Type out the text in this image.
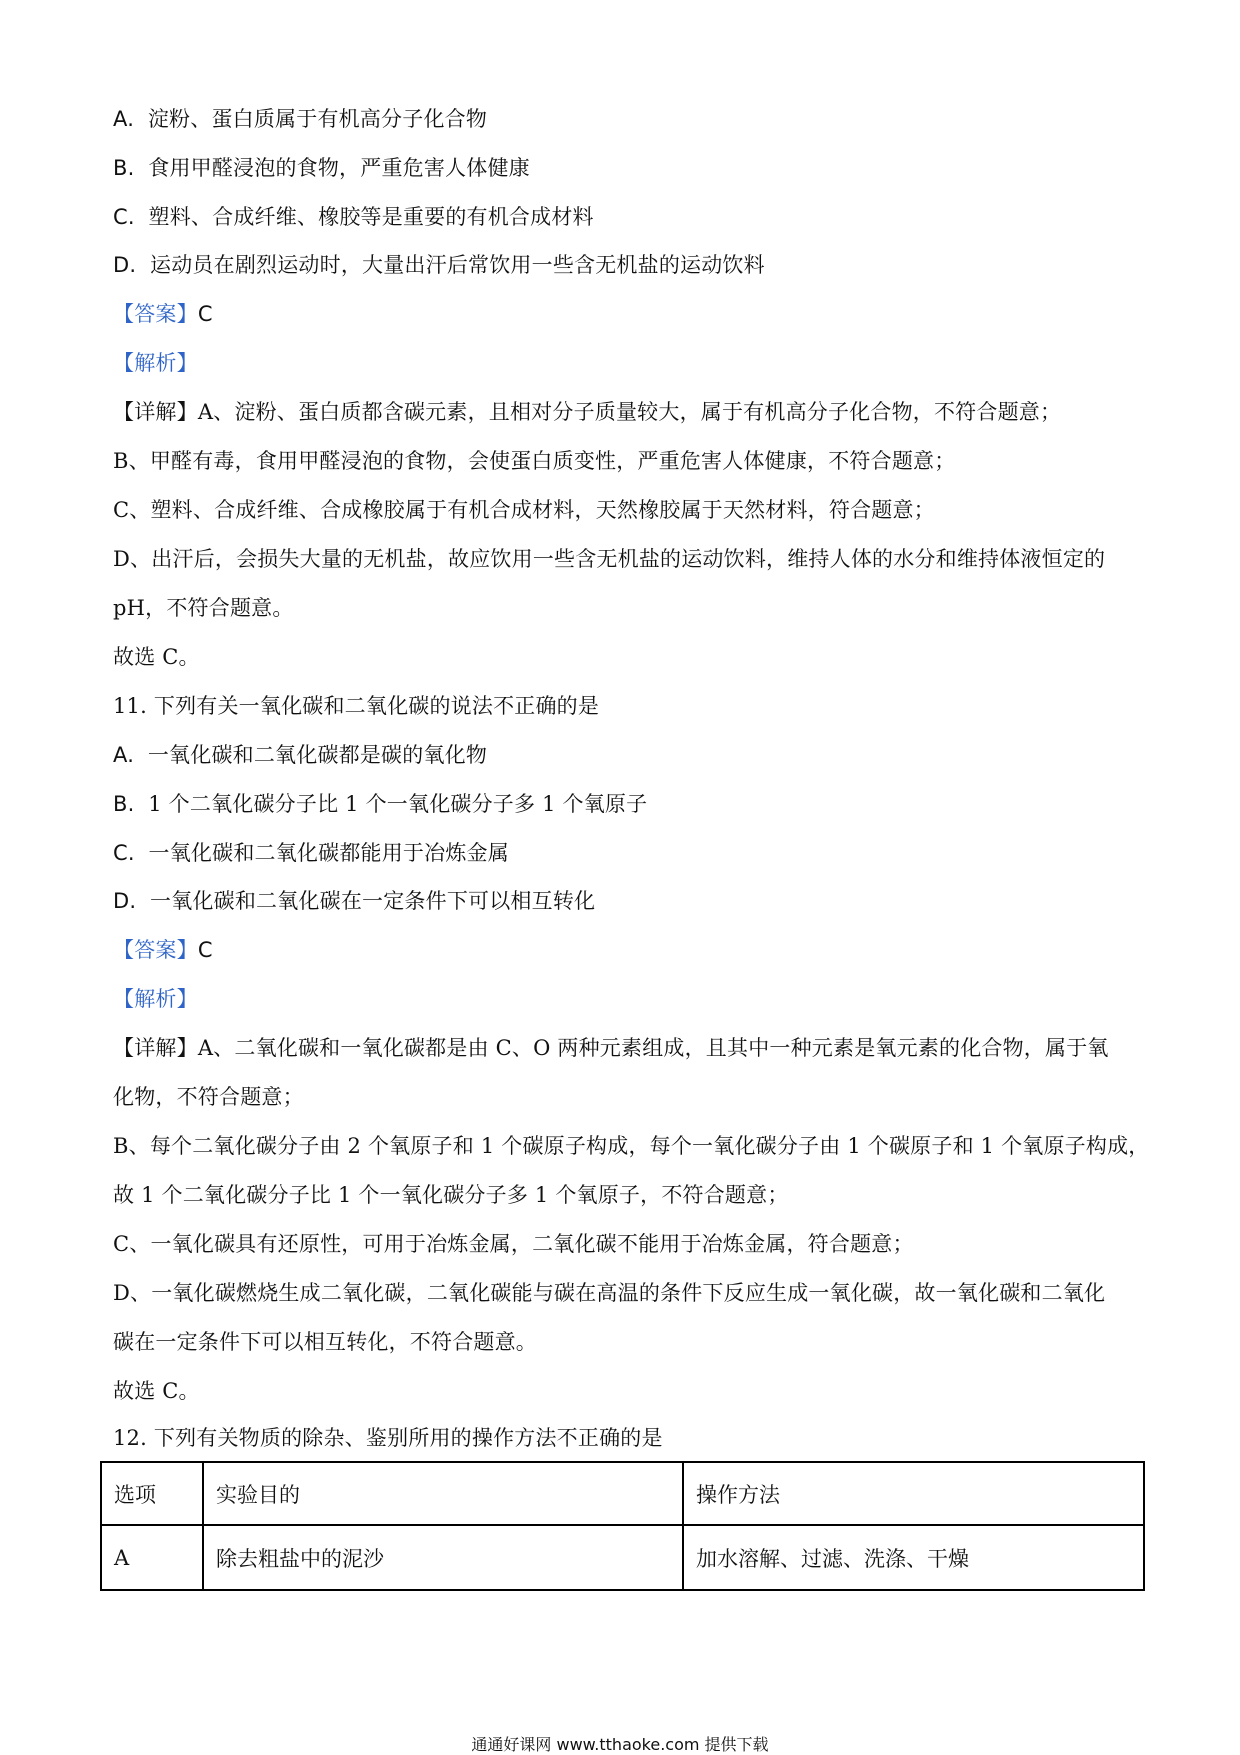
A. 淀粉、蛋白质属于有机高分子化合物

B. 食用甲醛浸泡的食物，严重危害人体健康

C. 塑料、合成纤维、橡胶等是重要的有机合成材料

D. 运动员在剧烈运动时，大量出汗后常饮用一些含无机盐的运动饮料

【答案】C

【解析】

【详解】A、淀粉、蛋白质都含碳元素，且相对分子质量较大，属于有机高分子化合物，不符合题意；

B、甲醛有毒，食用甲醛浸泡的食物，会使蛋白质变性，严重危害人体健康，不符合题意；

C、塑料、合成纤维、合成橡胶属于有机合成材料，天然橡胶属于天然材料，符合题意；

D、出汗后，会损失大量的无机盐，故应饮用一些含无机盐的运动饮料，维持人体的水分和维持体液恒定的

pH，不符合题意。

故选 C。

11. 下列有关一氧化碳和二氧化碳的说法不正确的是

A. 一氧化碳和二氧化碳都是碳的氧化物

B. 1 个二氧化碳分子比 1 个一氧化碳分子多 1 个氧原子

C. 一氧化碳和二氧化碳都能用于冶炼金属

D. 一氧化碳和二氧化碳在一定条件下可以相互转化

【答案】C

【解析】

【详解】A、二氧化碳和一氧化碳都是由 C、O 两种元素组成，且其中一种元素是氧元素的化合物，属于氧

化物，不符合题意；

B、每个二氧化碳分子由 2 个氧原子和 1 个碳原子构成，每个一氧化碳分子由 1 个碳原子和 1 个氧原子构成，

故 1 个二氧化碳分子比 1 个一氧化碳分子多 1 个氧原子，不符合题意；

C、一氧化碳具有还原性，可用于冶炼金属，二氧化碳不能用于冶炼金属，符合题意；

D、一氧化碳燃烧生成二氧化碳，二氧化碳能与碳在高温的条件下反应生成一氧化碳，故一氧化碳和二氧化

碳在一定条件下可以相互转化，不符合题意。

故选 C。

12. 下列有关物质的除杂、鉴别所用的操作方法不正确的是

选项	实验目的	操作方法
A	除去粗盐中的泥沙	加水溶解、过滤、洗涤、干燥
通通好课网 www.tthaoke.com 提供下载
